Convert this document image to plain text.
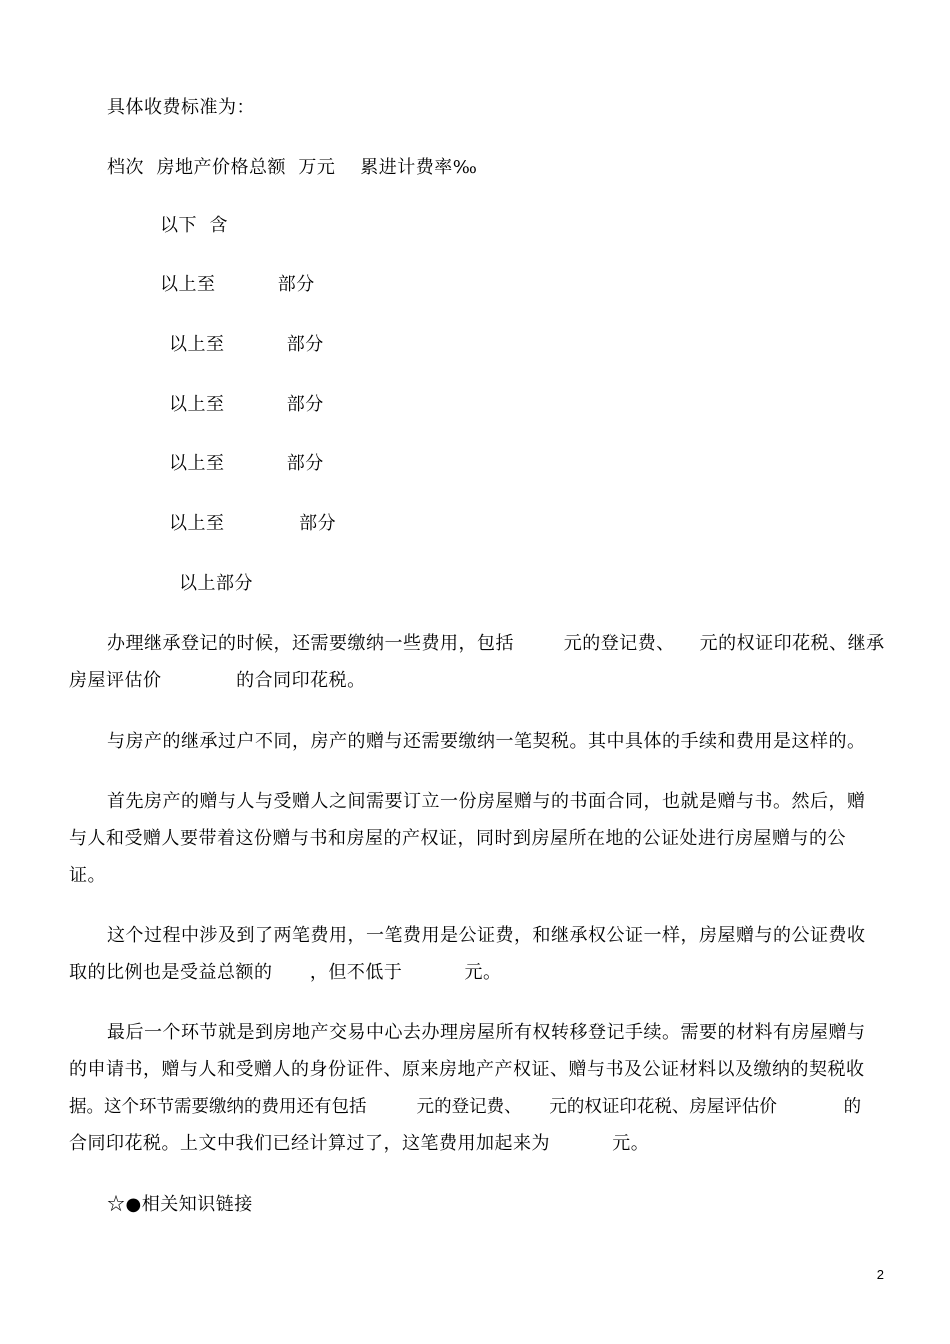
具体收费标准为：
档次  房地产价格总额  万元    累进计费率‰
以下  含
以上至          部分
以上至          部分
以上至          部分
以上至          部分
以上至            部分
以上部分
办理继承登记的时候，还需要缴纳一些费用，包括        元的登记费、    元的权证印花税、继承
房屋评估价            的合同印花税。
与房产的继承过户不同，房产的赠与还需要缴纳一笔契税。其中具体的手续和费用是这样的。
首先房产的赠与人与受赠人之间需要订立一份房屋赠与的书面合同，也就是赠与书。然后，赠
与人和受赠人要带着这份赠与书和房屋的产权证，同时到房屋所在地的公证处进行房屋赠与的公
证。
这个过程中涉及到了两笔费用，一笔费用是公证费，和继承权公证一样，房屋赠与的公证费收
取的比例也是受益总额的      ，但不低于          元。
最后一个环节就是到房地产交易中心去办理房屋所有权转移登记手续。需要的材料有房屋赠与
的申请书，赠与人和受赠人的身份证件、原来房地产产权证、赠与书及公证材料以及缴纳的契税收
据。这个环节需要缴纳的费用还有包括         元的登记费、     元的权证印花税、房屋评估价            的
合同印花税。上文中我们已经计算过了，这笔费用加起来为          元。
☆●相关知识链接
2
